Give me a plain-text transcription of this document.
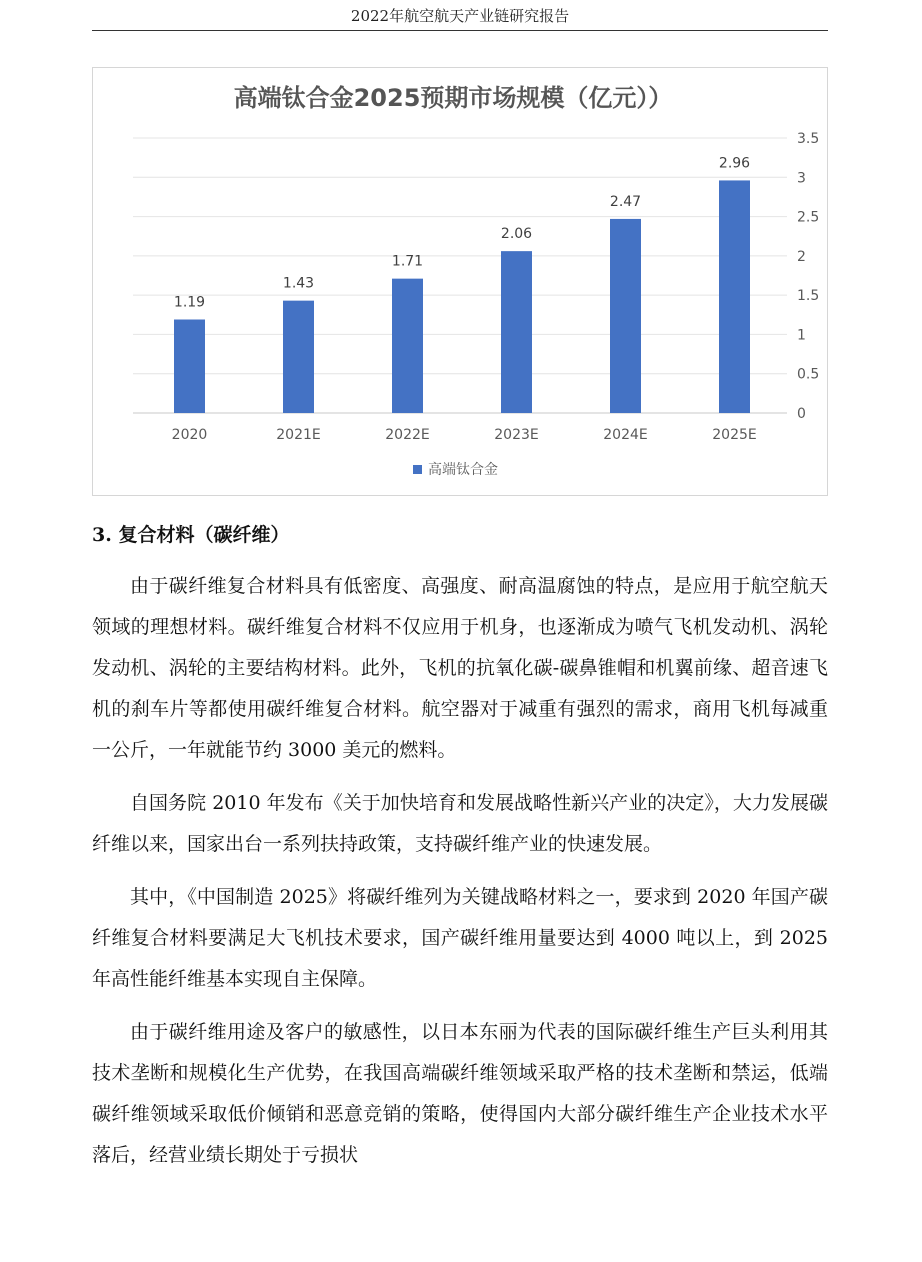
2022年航空航天产业链研究报告
高端钛合金2025预期市场规模（亿元））
0
0.5
1
1.5
2
2.5
3
3.5
1.19
1.43
1.71
2.06
2.47
2.96
2020	2021E	2022E	2023E	2024E	2025E
高端钛合金
3. 复合材料（碳纤维）

由于碳纤维复合材料具有低密度、高强度、耐高温腐蚀的特点，是应用于航空航天领域的理想材料。碳纤维复合材料不仅应用于机身，也逐渐成为喷气飞机发动机、涡轮发动机、涡轮的主要结构材料。此外，飞机的抗氧化碳-碳鼻锥帽和机翼前缘、超音速飞机的刹车片等都使用碳纤维复合材料。航空器对于减重有强烈的需求，商用飞机每减重一公斤，一年就能节约 3000 美元的燃料。

自国务院 2010 年发布《关于加快培育和发展战略性新兴产业的决定》，大力发展碳纤维以来，国家出台一系列扶持政策，支持碳纤维产业的快速发展。

其中，《中国制造 2025》将碳纤维列为关键战略材料之一，要求到 2020 年国产碳纤维复合材料要满足大飞机技术要求，国产碳纤维用量要达到 4000 吨以上，到 2025 年高性能纤维基本实现自主保障。

由于碳纤维用途及客户的敏感性，以日本东丽为代表的国际碳纤维生产巨头利用其技术垄断和规模化生产优势，在我国高端碳纤维领域采取严格的技术垄断和禁运，低端碳纤维领域采取低价倾销和恶意竞销的策略，使得国内大部分碳纤维生产企业技术水平落后，经营业绩长期处于亏损状
